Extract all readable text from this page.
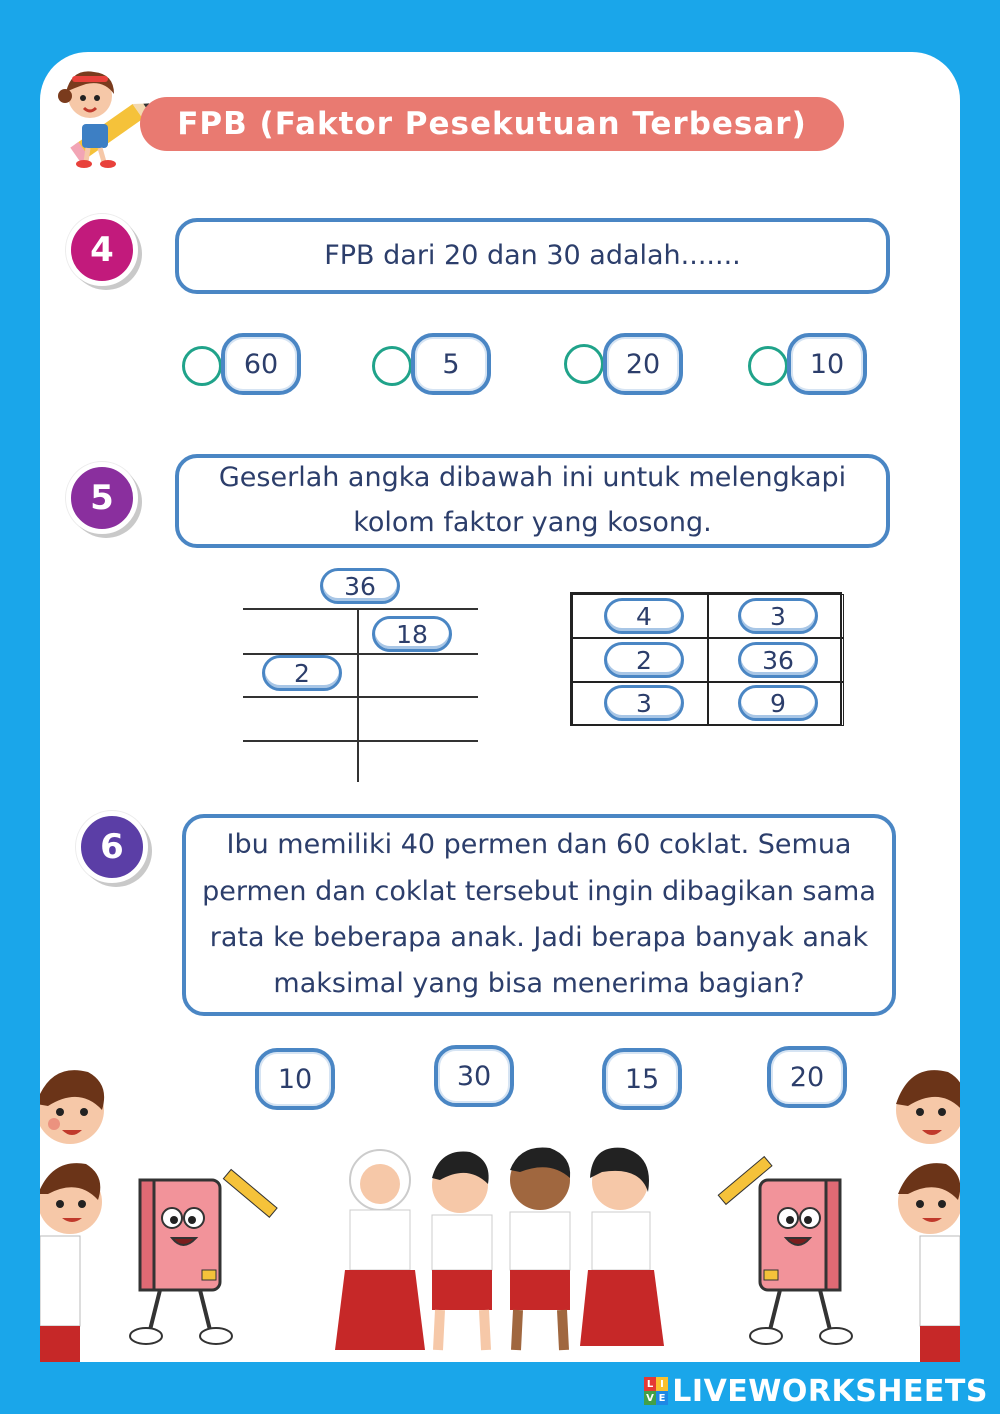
FPB (Faktor Pesekutuan Terbesar)
4	FPB dari 20 dan 30 adalah.......
60	5	20	10
5
Geserlah angka dibawah ini untuk melengkapi
kolom faktor yang kosong.
36
18
2
4	3
2	36
3	9
6	Ibu memiliki 40 permen dan 60 coklat. Semua
permen dan coklat tersebut ingin dibagikan sama
rata ke beberapa anak. Jadi berapa banyak anak
maksimal yang bisa menerima bagian?
10	30	15	20
L I
V E LIVEWORKSHEETS
